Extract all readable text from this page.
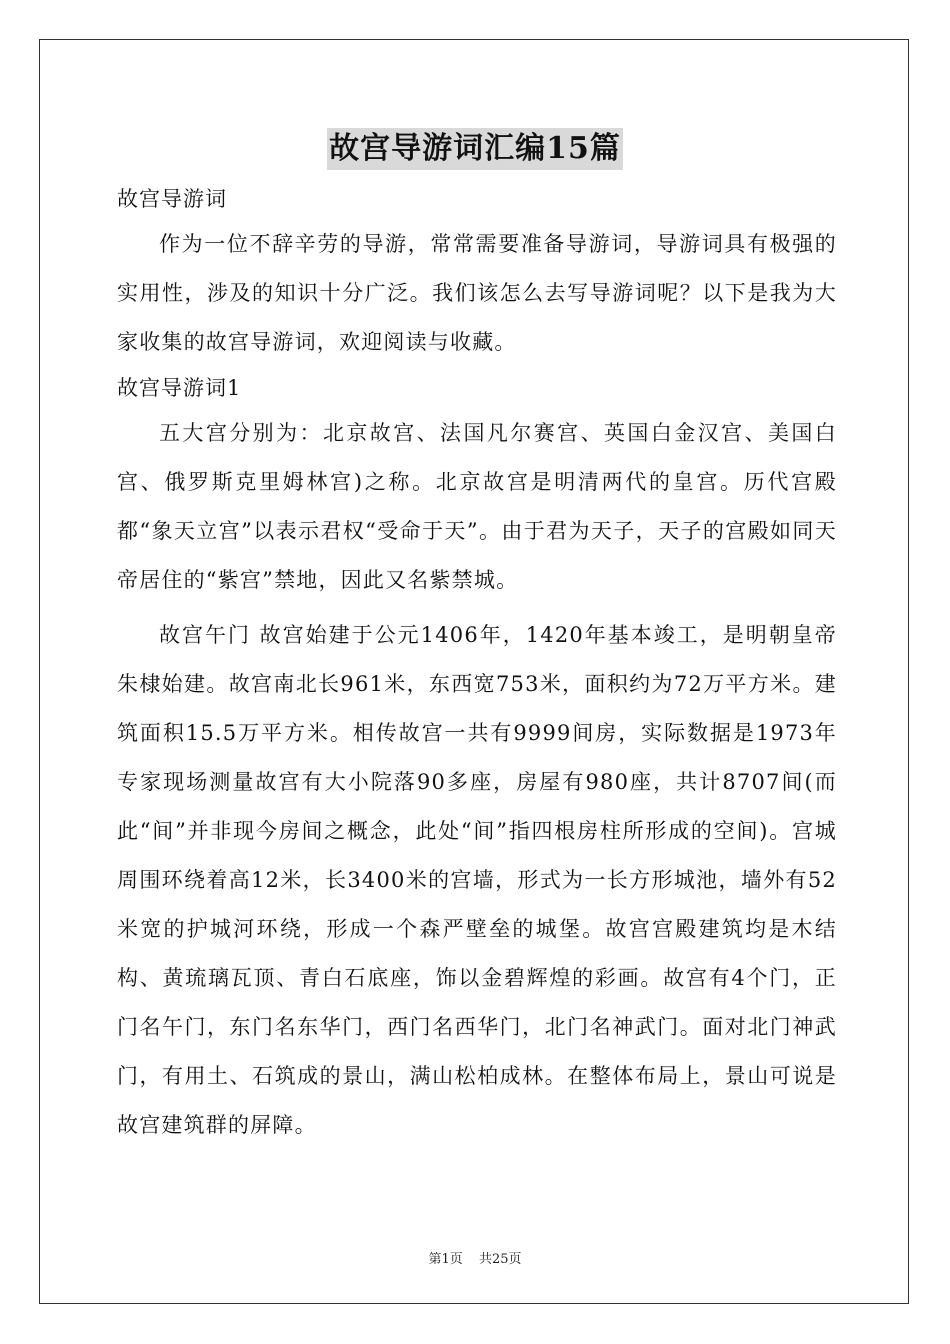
故宫导游词汇编15篇

故宫导游词

作为一位不辞辛劳的导游，常常需要准备导游词，导游词具有极强的实用性，涉及的知识十分广泛。我们该怎么去写导游词呢？以下是我为大家收集的故宫导游词，欢迎阅读与收藏。

故宫导游词1

五大宫分别为：北京故宫、法国凡尔赛宫、英国白金汉宫、美国白宫、俄罗斯克里姆林宫)之称。北京故宫是明清两代的皇宫。历代宫殿都“象天立宫”以表示君权“受命于天”。由于君为天子，天子的宫殿如同天帝居住的“紫宫”禁地，因此又名紫禁城。

故宫午门 故宫始建于公元1406年，1420年基本竣工，是明朝皇帝朱棣始建。故宫南北长961米，东西宽753米，面积约为72万平方米。建筑面积15.5万平方米。相传故宫一共有9999间房，实际数据是1973年专家现场测量故宫有大小院落90多座，房屋有980座，共计8707间(而此“间”并非现今房间之概念，此处“间”指四根房柱所形成的空间)。宫城周围环绕着高12米，长3400米的宫墙，形式为一长方形城池，墙外有52米宽的护城河环绕，形成一个森严壁垒的城堡。故宫宫殿建筑均是木结构、黄琉璃瓦顶、青白石底座，饰以金碧辉煌的彩画。故宫有4个门，正门名午门，东门名东华门，西门名西华门，北门名神武门。面对北门神武门，有用土、石筑成的景山，满山松柏成林。在整体布局上，景山可说是故宫建筑群的屏障。

第1页 共25页
